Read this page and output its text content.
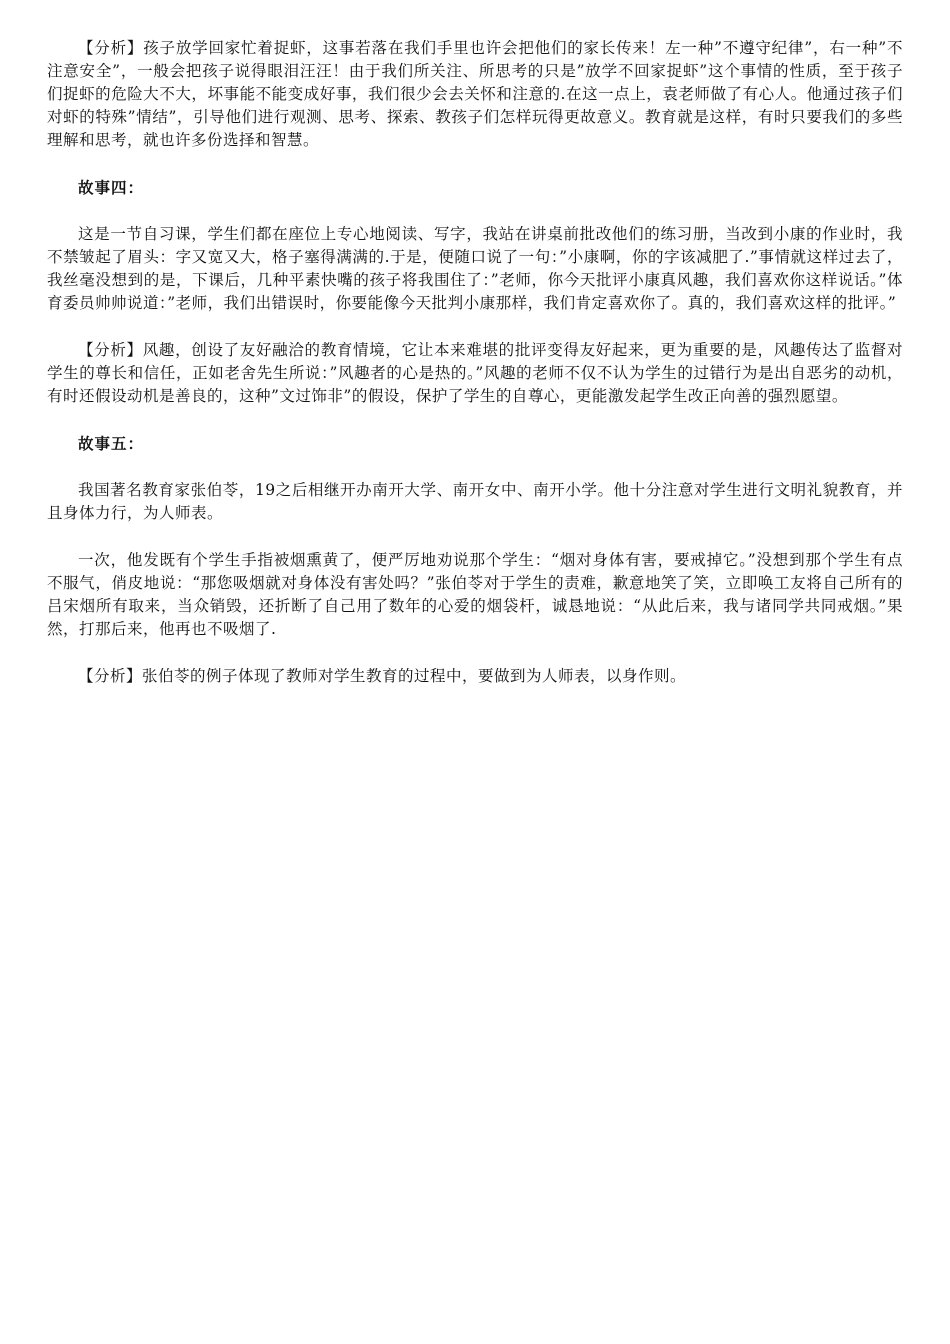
【分析】孩子放学回家忙着捉虾，这事若落在我们手里也许会把他们的家长传来！左一种”不遵守纪律”，右一种”不注意安全”，一般会把孩子说得眼泪汪汪！由于我们所关注、所思考的只是”放学不回家捉虾”这个事情的性质，至于孩子们捉虾的危险大不大，坏事能不能变成好事，我们很少会去关怀和注意的.在这一点上，袁老师做了有心人。他通过孩子们对虾的特殊”情结”，引导他们进行观测、思考、探索、教孩子们怎样玩得更故意义。教育就是这样，有时只要我们的多些理解和思考，就也许多份选择和智慧。

故事四：

这是一节自习课，学生们都在座位上专心地阅读、写字，我站在讲桌前批改他们的练习册，当改到小康的作业时，我不禁皱起了眉头：字又宽又大，格子塞得满满的.于是，便随口说了一句：”小康啊，你的字该减肥了.”事情就这样过去了，我丝毫没想到的是，下课后，几种平素快嘴的孩子将我围住了：”老师，你今天批评小康真风趣，我们喜欢你这样说话。”体育委员帅帅说道：”老师，我们出错误时，你要能像今天批判小康那样，我们肯定喜欢你了。真的，我们喜欢这样的批评。”

【分析】风趣，创设了友好融洽的教育情境，它让本来难堪的批评变得友好起来，更为重要的是，风趣传达了监督对学生的尊长和信任，正如老舍先生所说：”风趣者的心是热的。”风趣的老师不仅不认为学生的过错行为是出自恶劣的动机，有时还假设动机是善良的，这种”文过饰非”的假设，保护了学生的自尊心，更能激发起学生改正向善的强烈愿望。

故事五：

我国著名教育家张伯苓，19之后相继开办南开大学、南开女中、南开小学。他十分注意对学生进行文明礼貌教育，并且身体力行，为人师表。

一次，他发既有个学生手指被烟熏黄了，便严厉地劝说那个学生：“烟对身体有害，要戒掉它。”没想到那个学生有点不服气，俏皮地说：“那您吸烟就对身体没有害处吗？”张伯苓对于学生的责难，歉意地笑了笑，立即唤工友将自己所有的吕宋烟所有取来，当众销毁，还折断了自己用了数年的心爱的烟袋杆，诚恳地说：“从此后来，我与诸同学共同戒烟。”果然，打那后来，他再也不吸烟了.

【分析】张伯苓的例子体现了教师对学生教育的过程中，要做到为人师表，以身作则。
